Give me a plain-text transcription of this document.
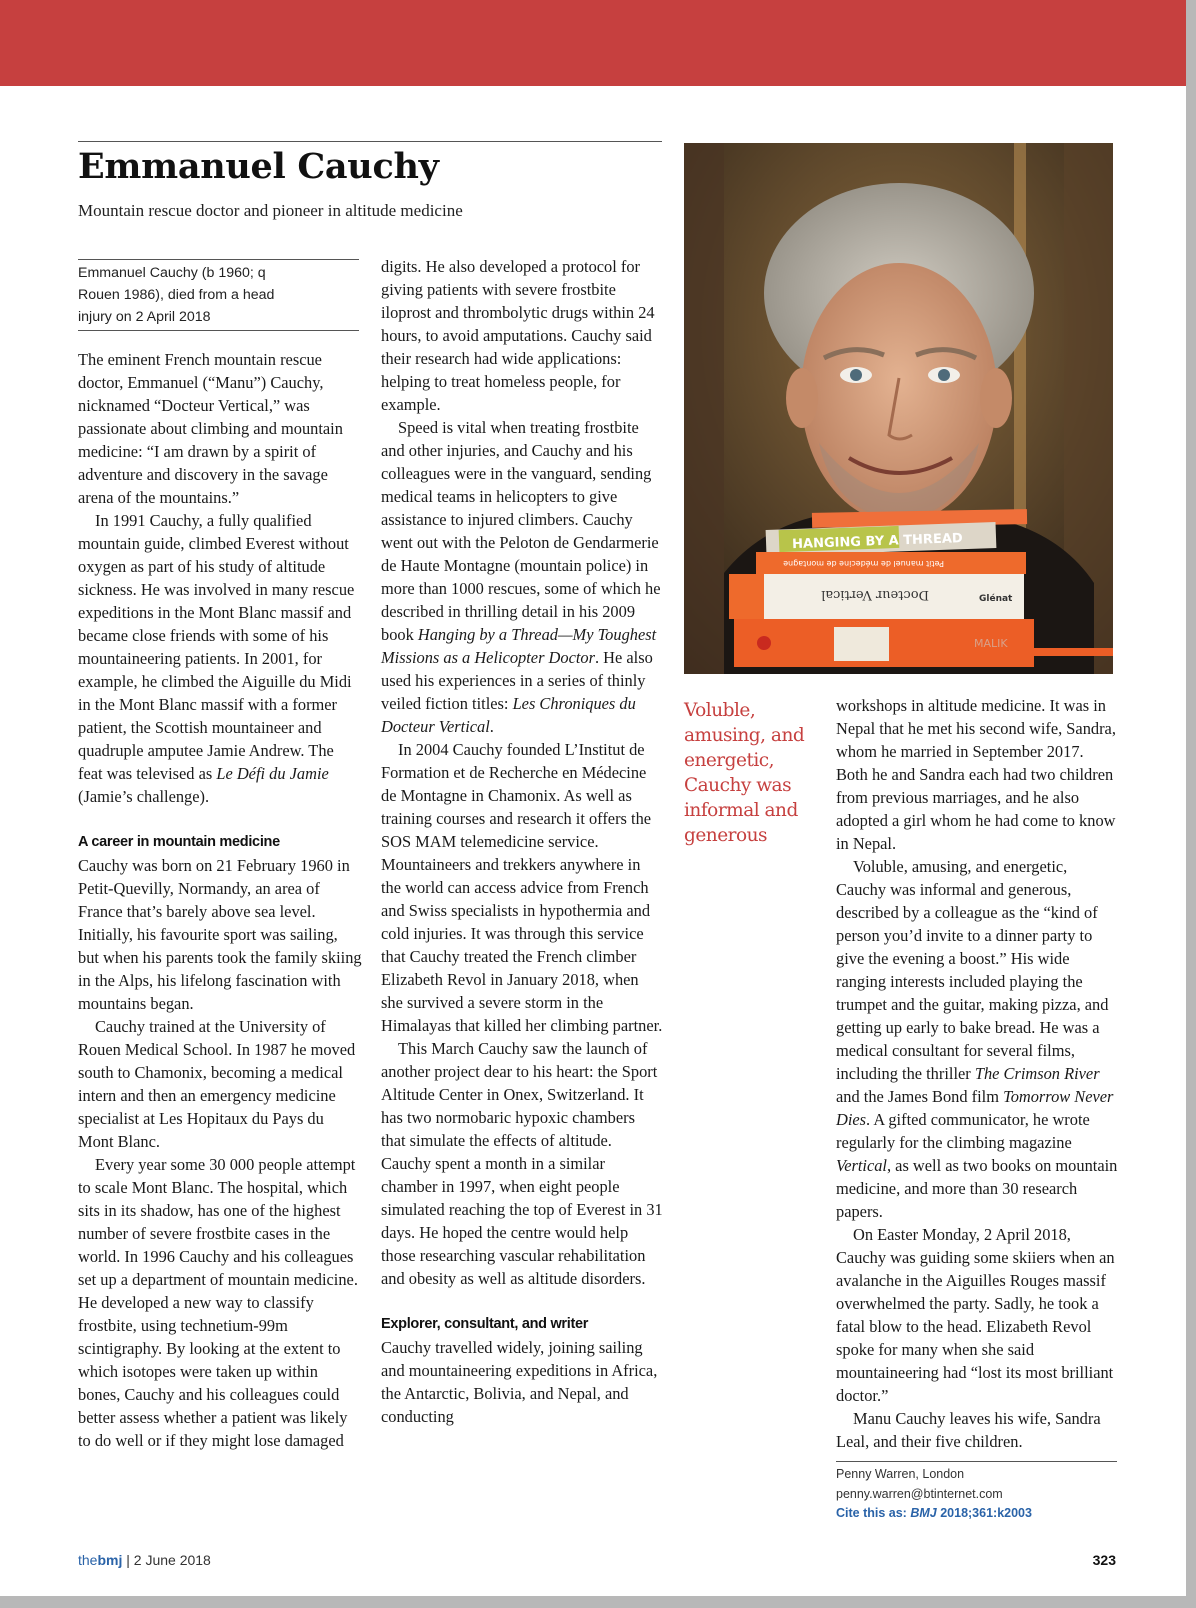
Emmanuel Cauchy
Mountain rescue doctor and pioneer in altitude medicine
Emmanuel Cauchy (b 1960; q
Rouen 1986), died from a head
injury on 2 April 2018

The eminent French mountain rescue doctor, Emmanuel (“Manu”) Cauchy, nicknamed “Docteur Vertical,” was passionate about climbing and mountain medicine: “I am drawn by a spirit of adventure and discovery in the savage arena of the mountains.”

In 1991 Cauchy, a fully qualified mountain guide, climbed Everest without oxygen as part of his study of altitude sickness. He was involved in many rescue expeditions in the Mont Blanc massif and became close friends with some of his mountaineering patients. In 2001, for example, he climbed the Aiguille du Midi in the Mont Blanc massif with a former patient, the Scottish mountaineer and quadruple amputee Jamie Andrew. The feat was televised as Le Défi du Jamie (Jamie’s challenge).

A career in mountain medicine

Cauchy was born on 21 February 1960 in Petit-Quevilly, Normandy, an area of France that’s barely above sea level. Initially, his favourite sport was sailing, but when his parents took the family skiing in the Alps, his lifelong fascination with mountains began.

Cauchy trained at the University of Rouen Medical School. In 1987 he moved south to Chamonix, becoming a medical intern and then an emergency medicine specialist at Les Hopitaux du Pays du Mont Blanc.

Every year some 30 000 people attempt to scale Mont Blanc. The hospital, which sits in its shadow, has one of the highest number of severe frostbite cases in the world. In 1996 Cauchy and his colleagues set up a department of mountain medicine. He developed a new way to classify frostbite, using technetium-99m scintigraphy. By looking at the extent to which isotopes were taken up within bones, Cauchy and his colleagues could better assess whether a patient was likely to do well or if they might lose damaged

digits. He also developed a protocol for giving patients with severe frostbite iloprost and thrombolytic drugs within 24 hours, to avoid amputations. Cauchy said their research had wide applications: helping to treat homeless people, for example.

Speed is vital when treating frostbite and other injuries, and Cauchy and his colleagues were in the vanguard, sending medical teams in helicopters to give assistance to injured climbers. Cauchy went out with the Peloton de Gendarmerie de Haute Montagne (mountain police) in more than 1000 rescues, some of which he described in thrilling detail in his 2009 book Hanging by a Thread—My Toughest Missions as a Helicopter Doctor. He also used his experiences in a series of thinly veiled fiction titles: Les Chroniques du Docteur Vertical.

In 2004 Cauchy founded L’Institut de Formation et de Recherche en Médecine de Montagne in Chamonix. As well as training courses and research it offers the SOS MAM telemedicine service. Mountaineers and trekkers anywhere in the world can access advice from French and Swiss specialists in hypothermia and cold injuries. It was through this service that Cauchy treated the French climber Elizabeth Revol in January 2018, when she survived a severe storm in the Himalayas that killed her climbing partner.

This March Cauchy saw the launch of another project dear to his heart: the Sport Altitude Center in Onex, Switzerland. It has two normobaric hypoxic chambers that simulate the effects of altitude. Cauchy spent a month in a similar chamber in 1997, when eight people simulated reaching the top of Everest in 31 days. He hoped the centre would help those researching vascular rehabilitation and obesity as well as altitude disorders.

Explorer, consultant, and writer

Cauchy travelled widely, joining sailing and mountaineering expeditions in Africa, the Antarctic, Bolivia, and Nepal, and conducting

HANGING BY A THREAD
Petit manuel de médecine de montagne
Docteur Vertical	Glénat
MALIK
Voluble,
amusing, and
energetic,
Cauchy was
informal and
generous

workshops in altitude medicine. It was in Nepal that he met his second wife, Sandra, whom he married in September 2017. Both he and Sandra each had two children from previous marriages, and he also adopted a girl whom he had come to know in Nepal.

Voluble, amusing, and energetic, Cauchy was informal and generous, described by a colleague as the “kind of person you’d invite to a dinner party to give the evening a boost.” His wide ranging interests included playing the trumpet and the guitar, making pizza, and getting up early to bake bread. He was a medical consultant for several films, including the thriller The Crimson River and the James Bond film Tomorrow Never Dies. A gifted communicator, he wrote regularly for the climbing magazine Vertical, as well as two books on mountain medicine, and more than 30 research papers.

On Easter Monday, 2 April 2018, Cauchy was guiding some skiiers when an avalanche in the Aiguilles Rouges massif overwhelmed the party. Sadly, he took a fatal blow to the head. Elizabeth Revol spoke for many when she said mountaineering had “lost its most brilliant doctor.”

Manu Cauchy leaves his wife, Sandra Leal, and their five children.

Penny Warren, London
penny.warren@btinternet.com
Cite this as: BMJ 2018;361:k2003
thebmj | 2 June 2018	323
